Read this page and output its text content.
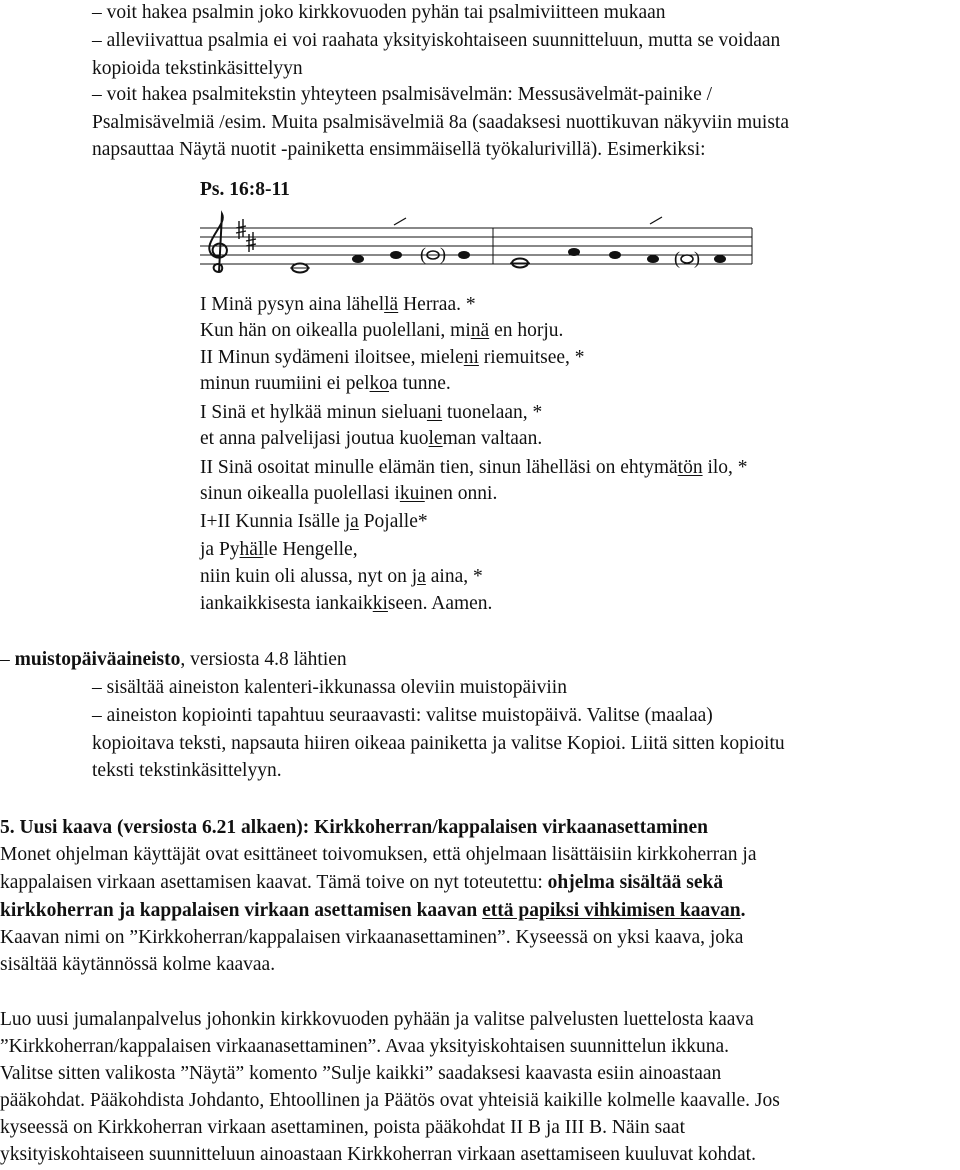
– voit hakea psalmin joko kirkkovuoden pyhän tai psalmiviitteen mukaan
– alleviivattua psalmia ei voi raahata yksityiskohtaiseen suunnitteluun, mutta se voidaan
kopioida tekstinkäsittelyyn
– voit hakea psalmitekstin yhteyteen psalmisävelmän: Messusävelmät-painike /
Psalmisävelmiä /esim. Muita psalmisävelmiä 8a (saadaksesi nuottikuvan näkyviin muista
napsauttaa Näytä nuotit -painiketta ensimmäisellä työkalurivillä). Esimerkiksi:
Ps. 16:8-11
( )	( )
I Minä pysyn aina lähellä Herraa. *
Kun hän on oikealla puolellani, minä en horju.
II Minun sydämeni iloitsee, mieleni riemuitsee, *
minun ruumiini ei pelkoa tunne.
I Sinä et hylkää minun sieluani tuonelaan, *
et anna palvelijasi joutua kuoleman valtaan.
II Sinä osoitat minulle elämän tien, sinun lähelläsi on ehtymätön ilo, *
sinun oikealla puolellasi ikuinen onni.
I+II Kunnia Isälle ja Pojalle*
ja Pyhälle Hengelle,
niin kuin oli alussa, nyt on ja aina, *
iankaikkisesta iankaikkiseen. Aamen.
– muistopäiväaineisto, versiosta 4.8 lähtien
– sisältää aineiston kalenteri-ikkunassa oleviin muistopäiviin
– aineiston kopiointi tapahtuu seuraavasti: valitse muistopäivä. Valitse (maalaa)
kopioitava teksti, napsauta hiiren oikeaa painiketta ja valitse Kopioi. Liitä sitten kopioitu
teksti tekstinkäsittelyyn.
5. Uusi kaava (versiosta 6.21 alkaen): Kirkkoherran/kappalaisen virkaanasettaminen
Monet ohjelman käyttäjät ovat esittäneet toivomuksen, että ohjelmaan lisättäisiin kirkkoherran ja
kappalaisen virkaan asettamisen kaavat. Tämä toive on nyt toteutettu: ohjelma sisältää sekä
kirkkoherran ja kappalaisen virkaan asettamisen kaavan että papiksi vihkimisen kaavan.
Kaavan nimi on ”Kirkkoherran/kappalaisen virkaanasettaminen”. Kyseessä on yksi kaava, joka
sisältää käytännössä kolme kaavaa.
Luo uusi jumalanpalvelus johonkin kirkkovuoden pyhään ja valitse palvelusten luettelosta kaava
”Kirkkoherran/kappalaisen virkaanasettaminen”. Avaa yksityiskohtaisen suunnittelun ikkuna.
Valitse sitten valikosta ”Näytä” komento ”Sulje kaikki” saadaksesi kaavasta esiin ainoastaan
pääkohdat. Pääkohdista Johdanto, Ehtoollinen ja Päätös ovat yhteisiä kaikille kolmelle kaavalle. Jos
kyseessä on Kirkkoherran virkaan asettaminen, poista pääkohdat II B ja III B. Näin saat
yksityiskohtaiseen suunnitteluun ainoastaan Kirkkoherran virkaan asettamiseen kuuluvat kohdat.
